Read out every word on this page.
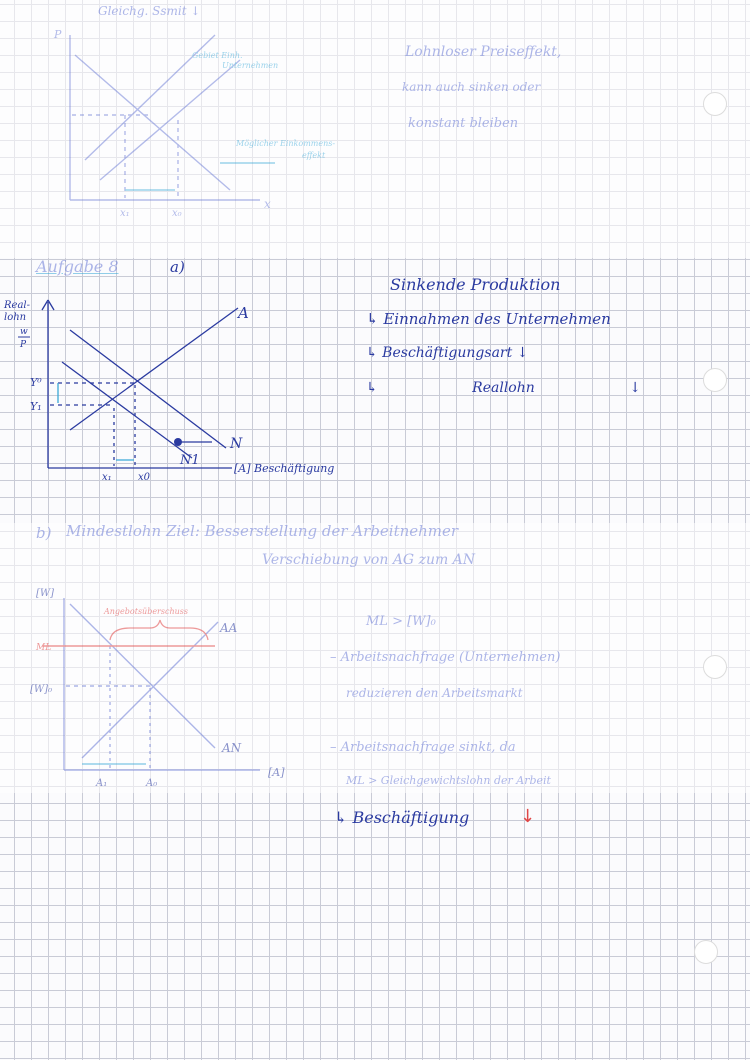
Gleichg. Ssmit ↓
P
x
x₁	x₀
Gebiet Einh.
Unternehmen
Möglicher Einkommens-
effekt
Lohnloser Preiseffekt,
kann auch sinken oder
konstant bleiben
Aufgabe 8	a)
Real-
lohn
w
P
Y⁰
Y₁
A
N
N1
x₁	x0
[A] Beschäftigung
Sinkende Produktion
↳ Einnahmen des Unternehmen
↳ Beschäftigungsart ↓
↳ Reallohn ↓
b) Mindestlohn Ziel: Besserstellung der Arbeitnehmer
Verschiebung von AG zum AN
[W]
ML
[W]₀
Angebotsüberschuss
AA
AN
[A]
A₁	A₀
ML > [W]₀
– Arbeitsnachfrage (Unternehmen)
reduzieren den Arbeitsmarkt
– Arbeitsnachfrage sinkt, da
ML > Gleichgewichtslohn der Arbeit
↳ Beschäftigung	↓
